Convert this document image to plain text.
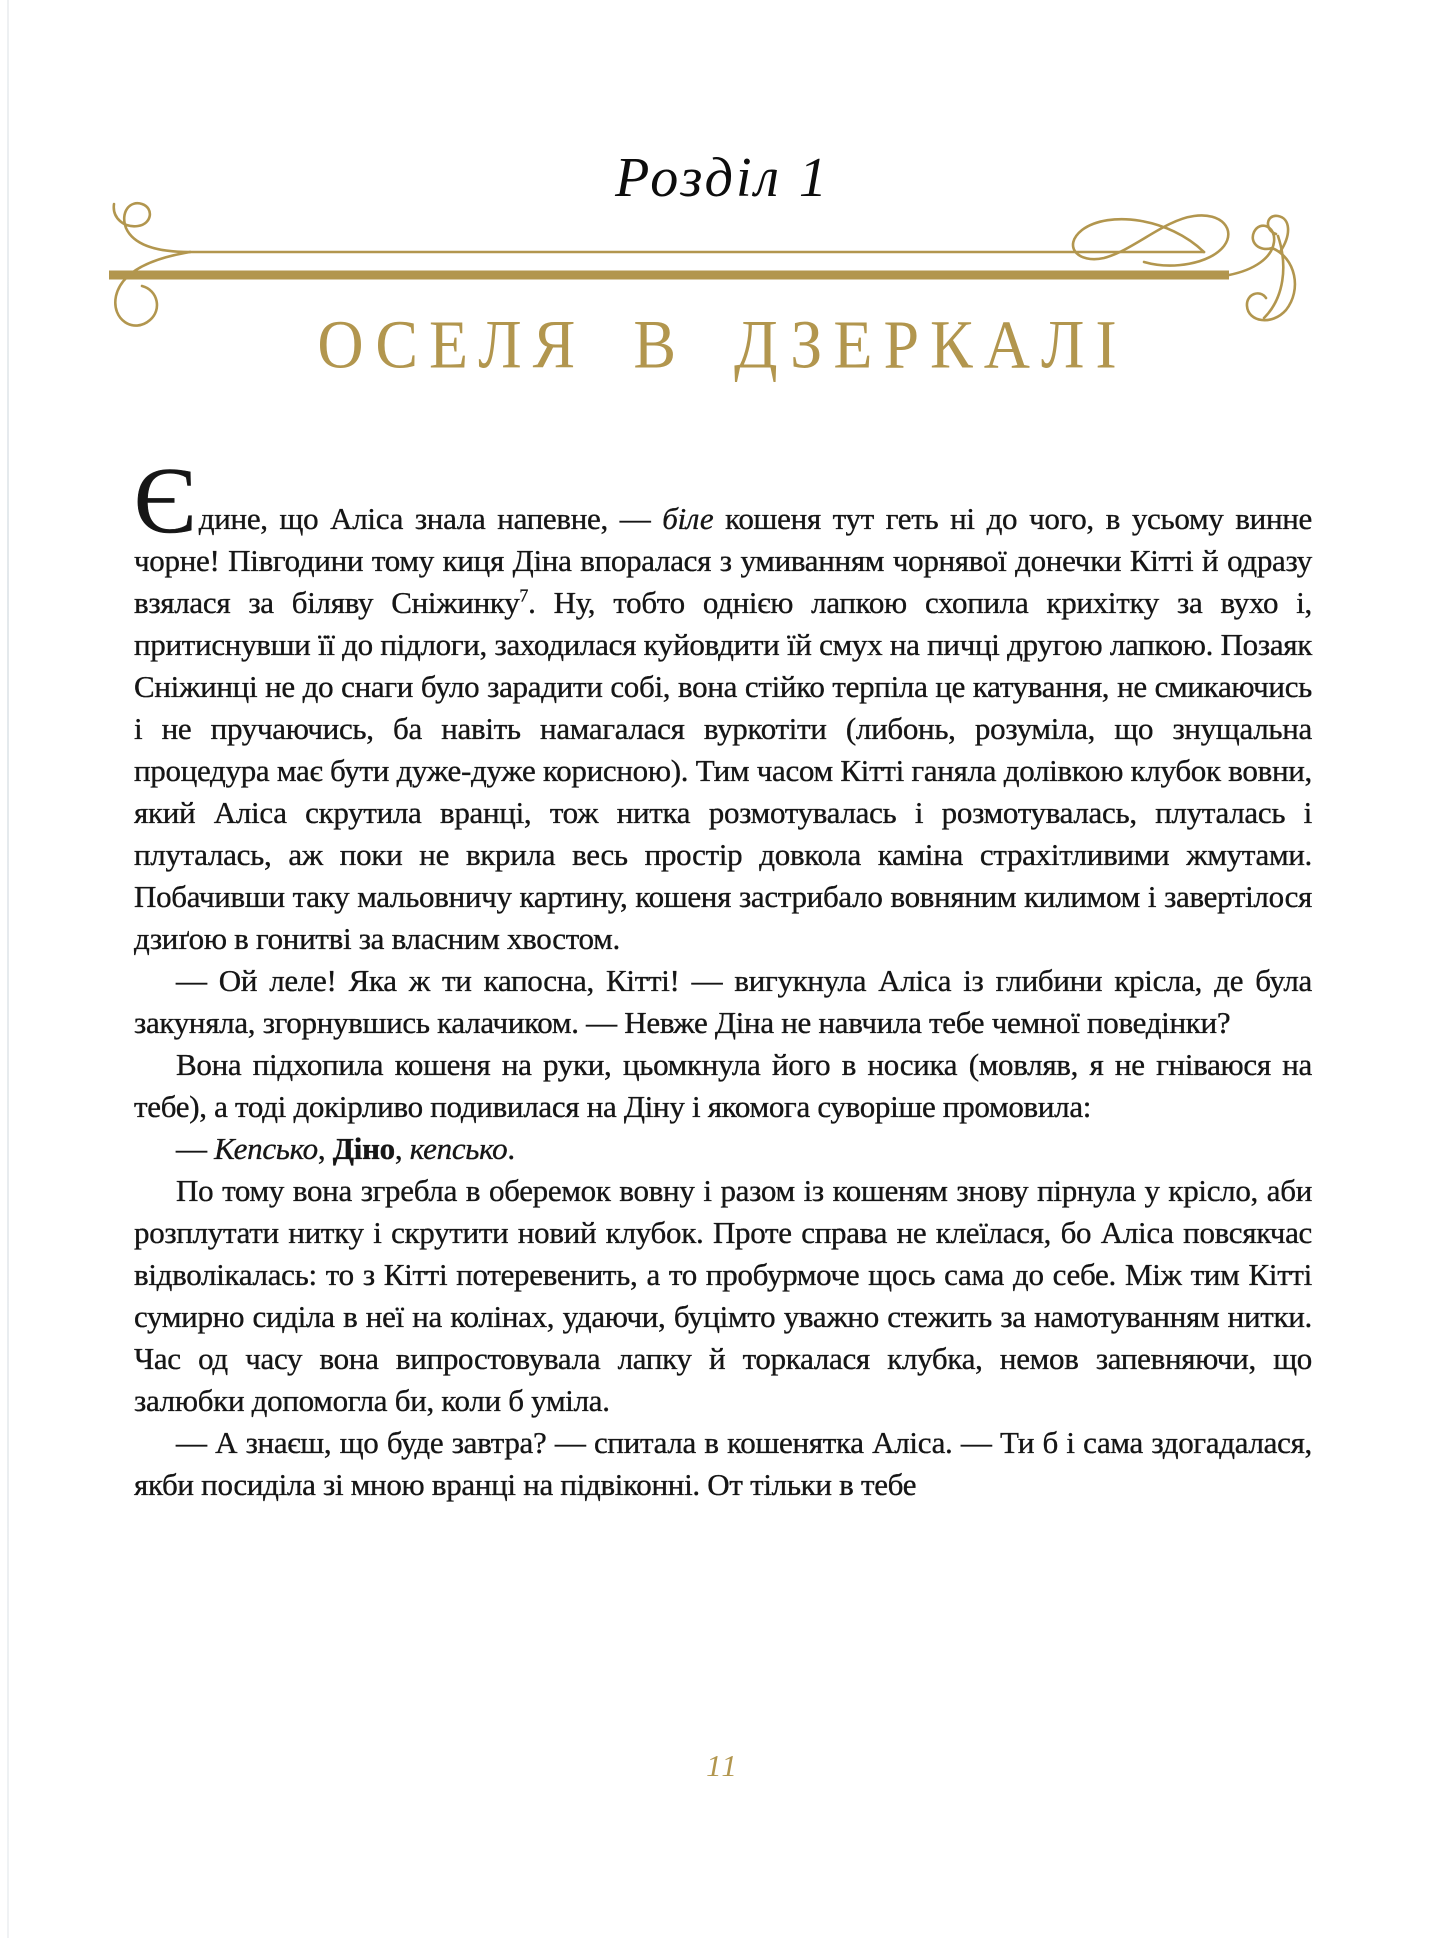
Розділ 1
ОСЕЛЯ В ДЗЕРКАЛІ

Єдине, що Аліса знала напевне, — біле кошеня тут геть ні до чого, в усьому винне чорне! Півгодини тому киця Діна впоралася з умиванням чорнявої донечки Кітті й одразу взялася за біляву Сніжинку$^7$. Ну, тобто однією лапкою схопила крихітку за вухо і, притиснувши її до підлоги, заходилася куйовдити їй смух на пичці другою лапкою. Позаяк Сніжинці не до снаги було зарадити собі, вона стійко терпіла це катування, не смикаючись і не пручаючись, ба навіть намагалася вуркотіти (либонь, розуміла, що знущальна процедура має бути дуже-дуже корисною). Тим часом Кітті ганяла долівкою клубок вовни, який Аліса скрутила вранці, тож нитка розмотувалась і розмотувалась, плуталась і плуталась, аж поки не вкрила весь простір довкола каміна страхітливими жмутами. Побачивши таку мальовничу картину, кошеня застрибало вовняним килимом і завертілося дзиґою в гонитві за власним хвостом.

— Ой леле! Яка ж ти капосна, Кітті! — вигукнула Аліса із глибини крісла, де була закуняла, згорнувшись калачиком. — Невже Діна не навчила тебе чемної поведінки?

Вона підхопила кошеня на руки, цьомкнула його в носика (мовляв, я не гніваюся на тебе), а тоді докірливо подивилася на Діну і якомога суворіше промовила:

— Кепсько, Діно, кепсько.

По тому вона згребла в оберемок вовну і разом із кошеням знову пірнула у крісло, аби розплутати нитку і скрутити новий клубок. Проте справа не клеїлася, бо Аліса повсякчас відволікалась: то з Кітті потеревенить, а то пробурмоче щось сама до себе. Між тим Кітті сумирно сиділа в неї на колінах, удаючи, буцімто уважно стежить за намотуванням нитки. Час од часу вона випростовувала лапку й торкалася клубка, немов запевняючи, що залюбки допомогла би, коли б уміла.

— А знаєш, що буде завтра? — спитала в кошенятка Аліса. — Ти б і сама здогадалася, якби посиділа зі мною вранці на підвіконні. От тільки в тебе

11
